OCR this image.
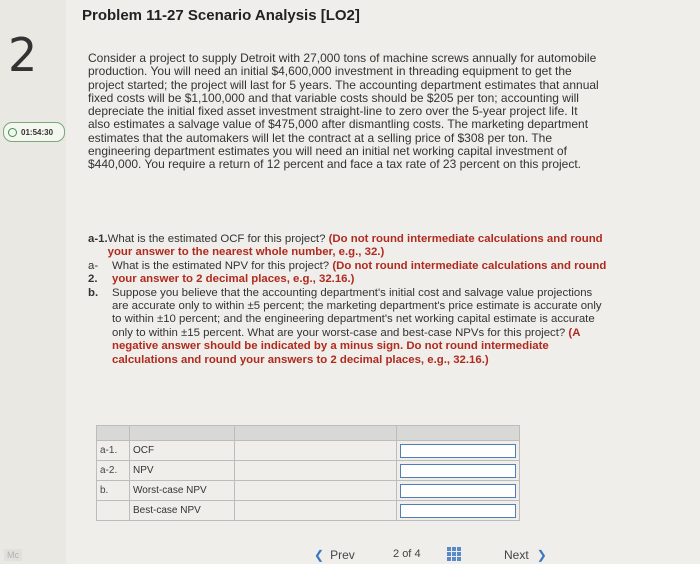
2
01:54:30
Mc
Problem 11-27 Scenario Analysis [LO2]
Consider a project to supply Detroit with 27,000 tons of machine screws annually for automobile production. You will need an initial $4,600,000 investment in threading equipment to get the project started; the project will last for 5 years. The accounting department estimates that annual fixed costs will be $1,100,000 and that variable costs should be $205 per ton; accounting will depreciate the initial fixed asset investment straight-line to zero over the 5-year project life. It also estimates a salvage value of $475,000 after dismantling costs. The marketing department estimates that the automakers will let the contract at a selling price of $308 per ton. The engineering department estimates you will need an initial net working capital investment of $440,000. You require a return of 12 percent and face a tax rate of 23 percent on this project.
a-1. What is the estimated OCF for this project? (Do not round intermediate calculations and round your answer to the nearest whole number, e.g., 32.)
a-
2.
What is the estimated NPV for this project? (Do not round intermediate calculations and round your answer to 2 decimal places, e.g., 32.16.)
b.	Suppose you believe that the accounting department's initial cost and salvage value projections are accurate only to within ±5 percent; the marketing department's price estimate is accurate only to within ±10 percent; and the engineering department's net working capital estimate is accurate only to within ±15 percent. What are your worst-case and best-case NPVs for this project? (A negative answer should be indicated by a minus sign. Do not round intermediate calculations and round your answers to 2 decimal places, e.g., 32.16.)

a-1.	OCF		

a-2.	NPV		

b.	Worst-case NPV		

	Best-case NPV		
❮ Prev	2 of 4	Next ❯
